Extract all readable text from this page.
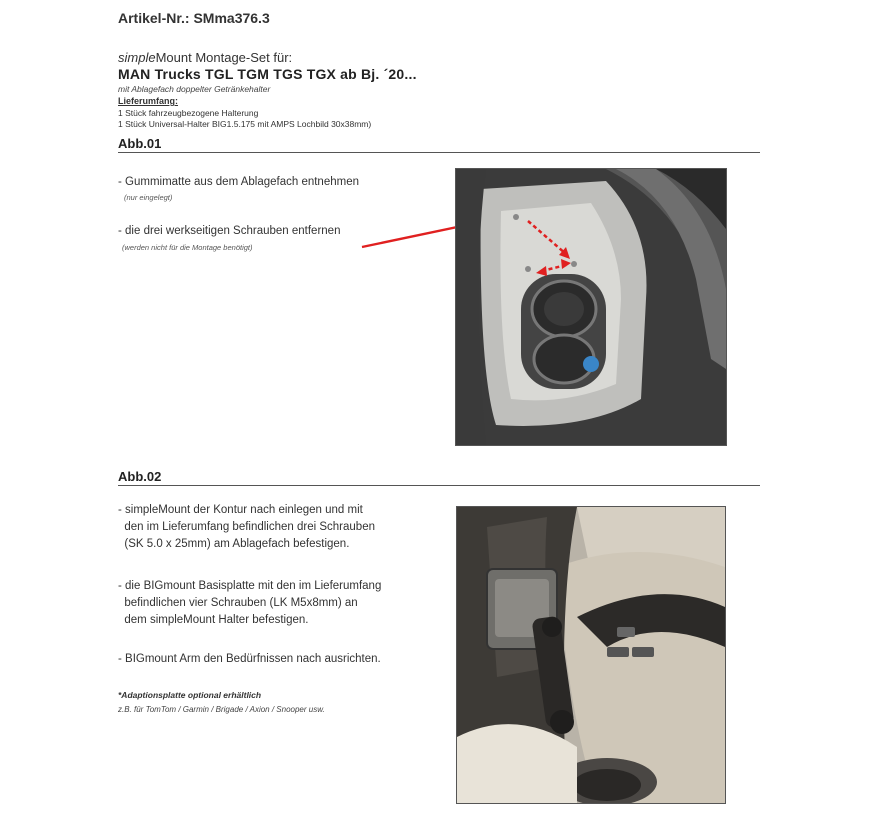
Artikel-Nr.: SMma376.3
simpleMount Montage-Set für:
MAN Trucks TGL TGM TGS TGX ab Bj. ´20...
mit Ablagefach doppelter Getränkehalter
Lieferumfang:
1 Stück fahrzeugbezogene Halterung
1 Stück Universal-Halter BIG1.5.175 mit AMPS Lochbild 30x38mm)
Abb.01
- Gummimatte aus dem Ablagefach entnehmen
(nur eingelegt)
- die drei werkseitigen Schrauben entfernen
(werden nicht für die Montage benötigt)
Abb.02
- simpleMount der Kontur nach einlegen und mit
den im Lieferumfang befindlichen drei Schrauben
(SK 5.0 x 25mm) am Ablagefach befestigen.
- die BIGmount Basisplatte mit den im Lieferumfang
befindlichen vier Schrauben (LK M5x8mm) an
dem simpleMount Halter befestigen.
- BIGmount Arm den Bedürfnissen nach ausrichten.
*Adaptionsplatte optional erhältlich
z.B. für TomTom / Garmin / Brigade / Axion / Snooper usw.
